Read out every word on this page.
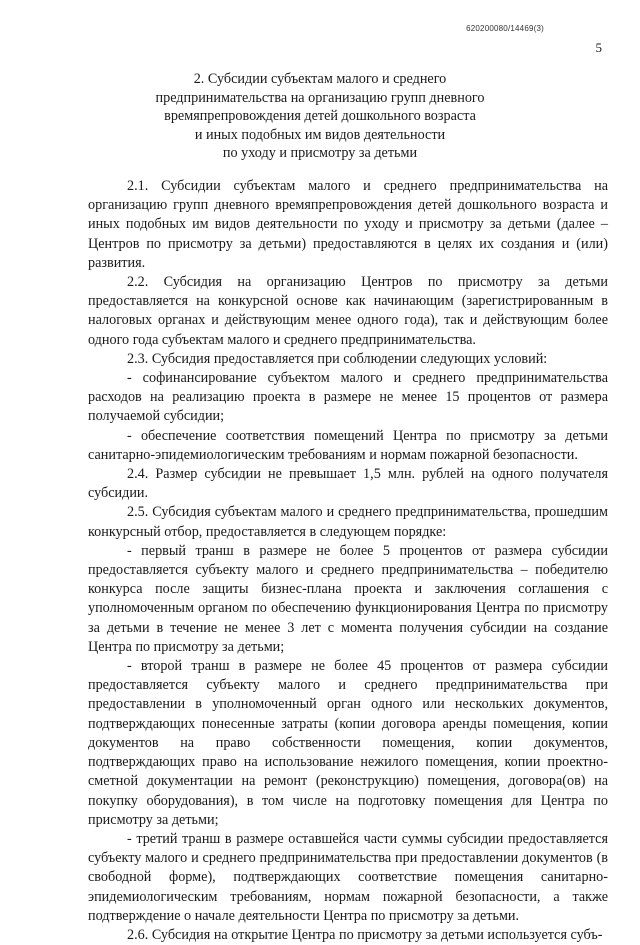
620200080/14469(3)
5
2. Субсидии субъектам малого и среднего
предпринимательства на организацию групп дневного
времяпрепровождения детей дошкольного возраста
и иных подобных им видов деятельности
по уходу и присмотру за детьми

2.1. Субсидии субъектам малого и среднего предпринимательства на организацию групп дневного времяпрепровождения детей дошкольного возраста и иных подобных им видов деятельности по уходу и присмотру за детьми (далее – Центров по присмотру за детьми) предоставляются в целях их создания и (или) развития.

2.2. Субсидия на организацию Центров по присмотру за детьми предоставляется на конкурсной основе как начинающим (зарегистрированным в налоговых органах и действующим менее одного года), так и действующим более одного года субъектам малого и среднего предпринимательства.

2.3. Субсидия предоставляется при соблюдении следующих условий:

- софинансирование субъектом малого и среднего предпринимательства расходов на реализацию проекта в размере не менее 15 процентов от размера получаемой субсидии;

- обеспечение соответствия помещений Центра по присмотру за детьми санитарно-эпидемиологическим требованиям и нормам пожарной безопасности.

2.4. Размер субсидии не превышает 1,5 млн. рублей на одного получателя субсидии.

2.5. Субсидия субъектам малого и среднего предпринимательства, прошедшим конкурсный отбор, предоставляется в следующем порядке:

- первый транш в размере не более 5 процентов от размера субсидии предоставляется субъекту малого и среднего предпринимательства – победителю конкурса после защиты бизнес-плана проекта и заключения соглашения с уполномоченным органом по обеспечению функционирования Центра по присмотру за детьми в течение не менее 3 лет с момента получения субсидии на создание Центра по присмотру за детьми;

- второй транш в размере не более 45 процентов от размера субсидии предоставляется субъекту малого и среднего предпринимательства при предоставлении в уполномоченный орган одного или нескольких документов, подтверждающих понесенные затраты (копии договора аренды помещения, копии документов на право собственности помещения, копии документов, подтверждающих право на использование нежилого помещения, копии проектно-сметной документации на ремонт (реконструкцию) помещения, договора(ов) на покупку оборудования), в том числе на подготовку помещения для Центра по присмотру за детьми;

- третий транш в размере оставшейся части суммы субсидии предоставляется субъекту малого и среднего предпринимательства при предоставлении документов (в свободной форме), подтверждающих соответствие помещения санитарно-эпидемиологическим требованиям, нормам пожарной безопасности, а также подтверждение о начале деятельности Центра по присмотру за детьми.

2.6. Субсидия на открытие Центра по присмотру за детьми используется субъ-
